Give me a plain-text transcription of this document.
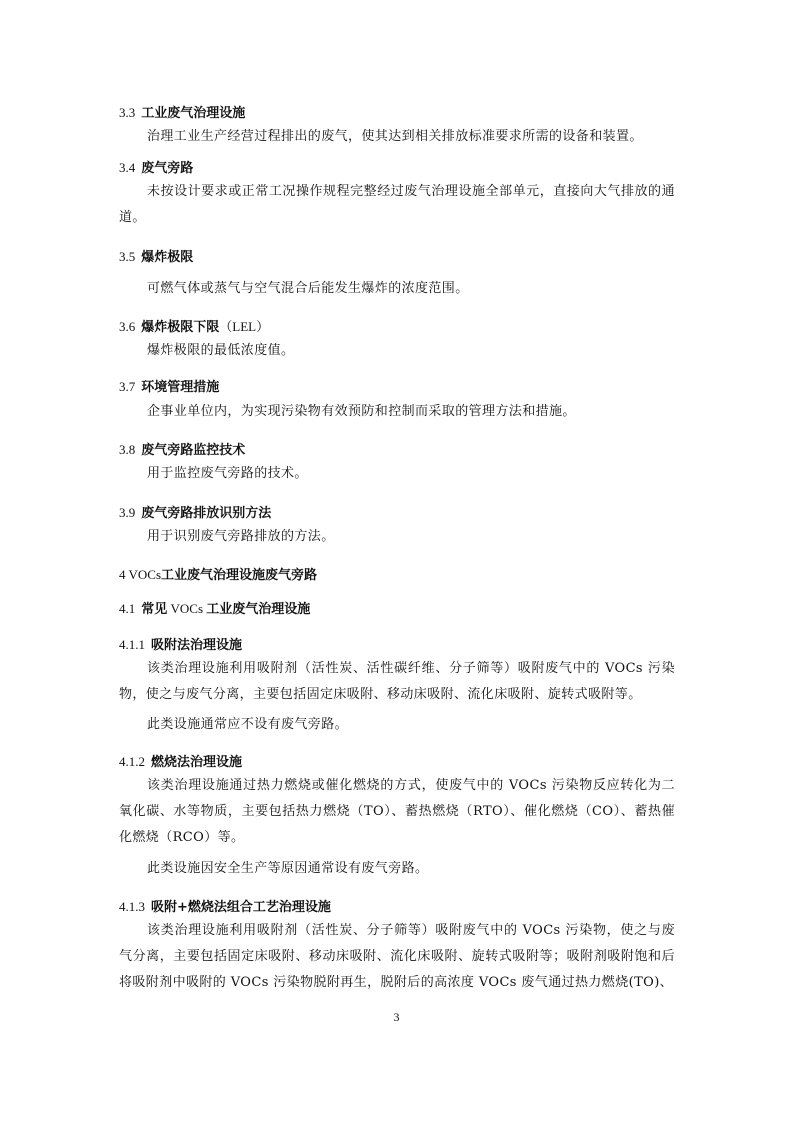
3.3 工业废气治理设施
治理工业生产经营过程排出的废气，使其达到相关排放标准要求所需的设备和装置。
3.4 废气旁路
未按设计要求或正常工况操作规程完整经过废气治理设施全部单元，直接向大气排放的通道。
3.5 爆炸极限
可燃气体或蒸气与空气混合后能发生爆炸的浓度范围。
3.6 爆炸极限下限（LEL）
爆炸极限的最低浓度值。
3.7 环境管理措施
企事业单位内，为实现污染物有效预防和控制而采取的管理方法和措施。
3.8 废气旁路监控技术
用于监控废气旁路的技术。
3.9 废气旁路排放识别方法
用于识别废气旁路排放的方法。
4 VOCs工业废气治理设施废气旁路
4.1 常见 VOCs 工业废气治理设施
4.1.1 吸附法治理设施
该类治理设施利用吸附剂（活性炭、活性碳纤维、分子筛等）吸附废气中的 VOCs 污染物，使之与废气分离，主要包括固定床吸附、移动床吸附、流化床吸附、旋转式吸附等。
此类设施通常应不设有废气旁路。
4.1.2 燃烧法治理设施
该类治理设施通过热力燃烧或催化燃烧的方式，使废气中的 VOCs 污染物反应转化为二氧化碳、水等物质，主要包括热力燃烧（TO）、蓄热燃烧（RTO）、催化燃烧（CO）、蓄热催化燃烧（RCO）等。
此类设施因安全生产等原因通常设有废气旁路。
4.1.3 吸附+燃烧法组合工艺治理设施
该类治理设施利用吸附剂（活性炭、分子筛等）吸附废气中的 VOCs 污染物，使之与废气分离，主要包括固定床吸附、移动床吸附、流化床吸附、旋转式吸附等；吸附剂吸附饱和后将吸附剂中吸附的 VOCs 污染物脱附再生，脱附后的高浓度 VOCs 废气通过热力燃烧(TO)、
3
